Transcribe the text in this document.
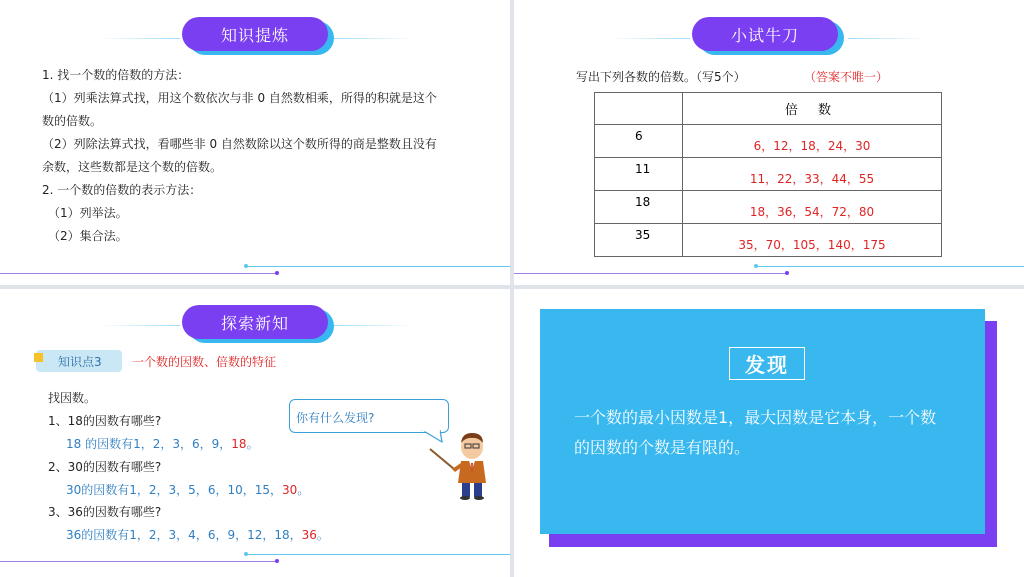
知识提炼
1. 找一个数的倍数的方法：
（1）列乘法算式找，用这个数依次与非 0 自然数相乘，所得的积就是这个
数的倍数。
（2）列除法算式找，看哪些非 0 自然数除以这个数所得的商是整数且没有
余数，这些数都是这个数的倍数。
2. 一个数的倍数的表示方法：
（1）列举法。
（2）集合法。
小试牛刀
写出下列各数的倍数。（写5个）	（答案不唯一）
	倍 数
6	6，12，18，24，30
11	11，22，33，44，55
18	18，36，54，72，80
35	35，70，105，140，175
探索新知
知识点3	一个数的因数、倍数的特征
找因数。
1、18的因数有哪些?
18 的因数有1，2，3，6，9，18。
2、30的因数有哪些?
30的因数有1，2，3，5，6，10，15，30。
3、36的因数有哪些?
36的因数有1，2，3，4，6，9，12，18，36。
你有什么发现?
发现
一个数的最小因数是1，最大因数是它本身，一个数
的因数的个数是有限的。
